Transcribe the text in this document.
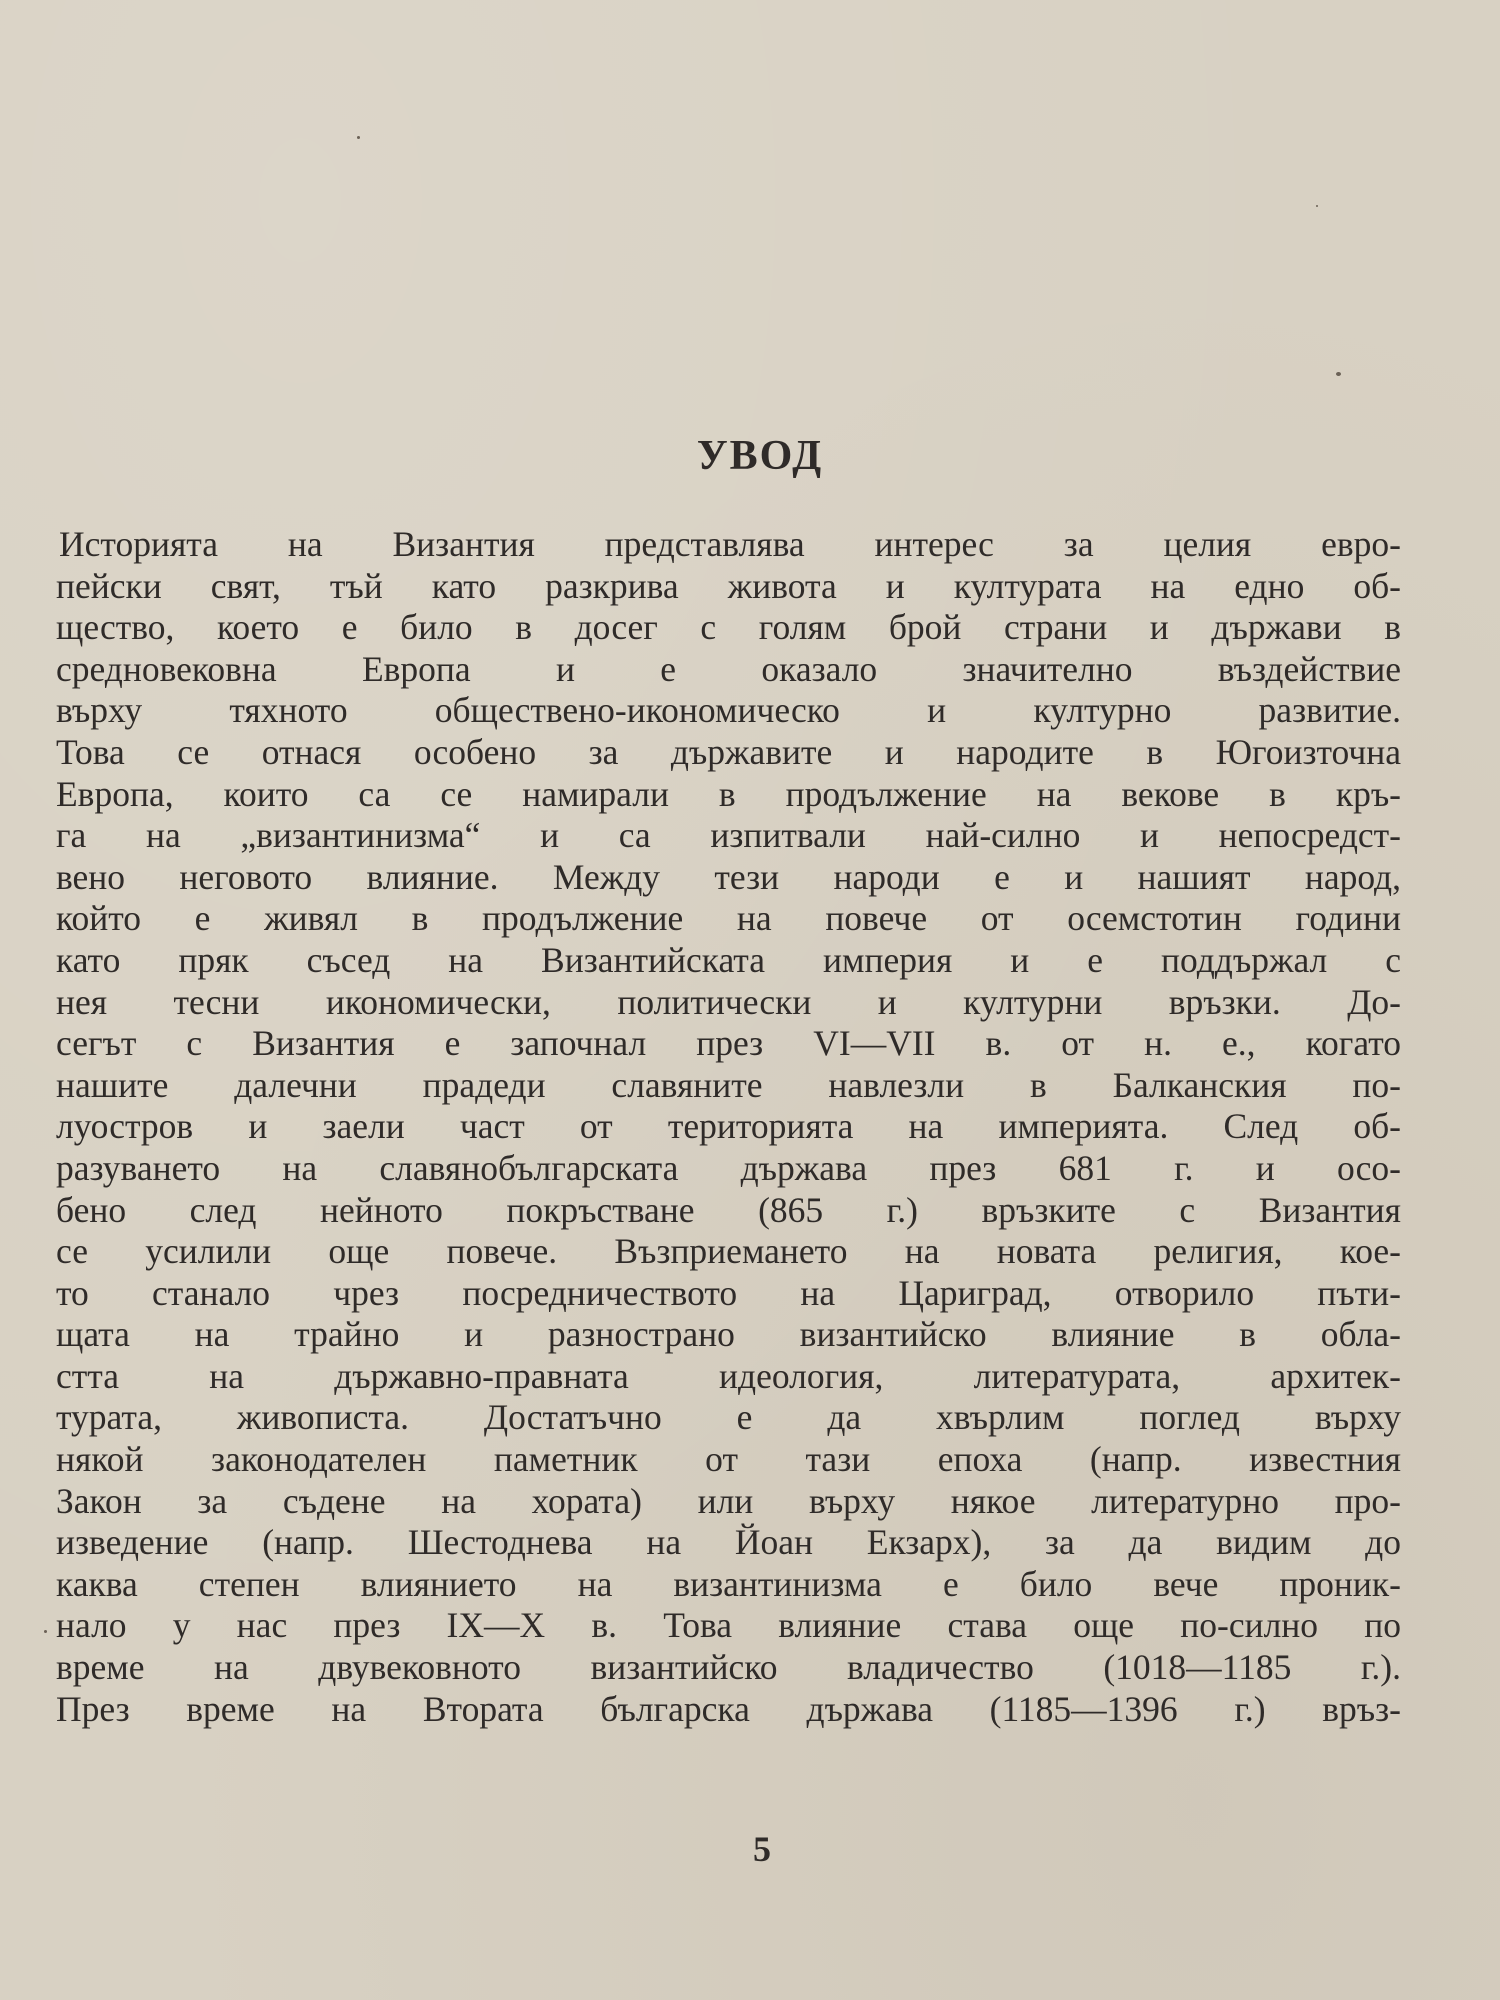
УВОД
Историята на Византия представлява интерес за целия евро-
пейски свят, тъй като разкрива живота и културата на едно об-
щество, което е било в досег с голям брой страни и държави в
средновековна Европа и е оказало значително въздействие
върху тяхното обществено-икономическо и културно развитие.
Това се отнася особено за държавите и народите в Югоизточна
Европа, които са се намирали в продължение на векове в кръ-
га на „византинизма“ и са изпитвали най-силно и непосредст-
вено неговото влияние. Между тези народи е и нашият народ,
който е живял в продължение на повече от осемстотин години
като пряк съсед на Византийската империя и е поддържал с
нея тесни икономически, политически и културни връзки. До-
сегът с Византия е започнал през VI—VII в. от н. е., когато
нашите далечни прадеди славяните навлезли в Балканския по-
луостров и заели част от територията на империята. След об-
разуването на славянобългарската държава през 681 г. и осо-
бено след нейното покръстване (865 г.) връзките с Византия
се усилили още повече. Възприемането на новата религия, кое-
то станало чрез посредничеството на Цариград, отворило пъти-
щата на трайно и разнострано византийско влияние в обла-
стта на държавно-правната идеология, литературата, архитек-
турата, живописта. Достатъчно е да хвърлим поглед върху
някой законодателен паметник от тази епоха (напр. известния
Закон за съдене на хората) или върху някое литературно про-
изведение (напр. Шестоднева на Йоан Екзарх), за да видим до
каква степен влиянието на византинизма е било вече проник-
нало у нас през IX—X в. Това влияние става още по-силно по
време на двувековното византийско владичество (1018—1185 г.).
През време на Втората българска държава (1185—1396 г.) връз-
5
